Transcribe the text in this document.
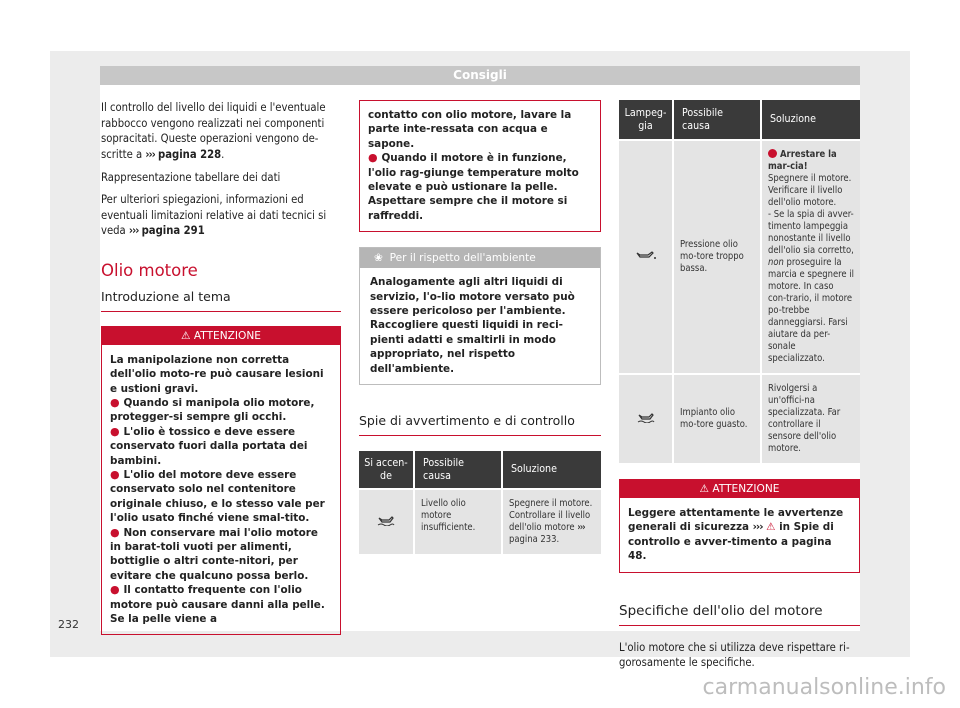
Consigli

Il controllo del livello dei liquidi e l'eventuale rabbocco vengono realizzati nei componenti sopracitati. Queste operazioni vengono de-scritte a ››› pagina 228.

Rappresentazione tabellare dei dati

Per ulteriori spiegazioni, informazioni ed eventuali limitazioni relative ai dati tecnici si veda ››› pagina 291

Olio motore
Introduzione al tema
⚠ ATTENZIONE
La manipolazione non corretta dell'olio moto-re può causare lesioni e ustioni gravi.
● Quando si manipola olio motore, protegger-si sempre gli occhi.
● L'olio è tossico e deve essere conservato fuori dalla portata dei bambini.
● L'olio del motore deve essere conservato solo nel contenitore originale chiuso, e lo stesso vale per l'olio usato finché viene smal-tito.
● Non conservare mai l'olio motore in barat-toli vuoti per alimenti, bottiglie o altri conte-nitori, per evitare che qualcuno possa berlo.
● Il contatto frequente con l'olio motore può causare danni alla pelle. Se la pelle viene a
contatto con olio motore, lavare la parte inte-ressata con acqua e sapone.
● Quando il motore è in funzione, l'olio rag-giunge temperature molto elevate e può ustionare la pelle. Aspettare sempre che il motore si raffreddi.
❀ Per il rispetto dell'ambiente
Analogamente agli altri liquidi di servizio, l'o-lio motore versato può essere pericoloso per l'ambiente. Raccogliere questi liquidi in reci-pienti adatti e smaltirli in modo appropriato, nel rispetto dell'ambiente.
Spie di avvertimento e di controllo
Si accen-de	Possibile causa	Soluzione
	Livello olio motore insufficiente.	Spegnere il motore. Controllare il livello dell'olio motore ››› pagina 233.
Lampeg-gia	Possibile causa	Soluzione
	Pressione olio mo-tore troppo bassa.	Arrestare la mar-cia!
Spegnere il motore. Verificare il livello dell'olio motore.
- Se la spia di avver-timento lampeggia nonostante il livello dell'olio sia corretto, non proseguire la marcia e spegnere il motore. In caso con-trario, il motore po-trebbe danneggiarsi. Farsi aiutare da per-sonale specializzato.

	Impianto olio mo-tore guasto.	Rivolgersi a un'offici-na specializzata. Far controllare il sensore dell'olio motore.
⚠ ATTENZIONE
Leggere attentamente le avvertenze generali di sicurezza ››› ⚠ in Spie di controllo e avver-timento a pagina 48.
Specifiche dell'olio del motore

L'olio motore che si utilizza deve rispettare ri-gorosamente le specifiche.

232
carmanualsonline.info
